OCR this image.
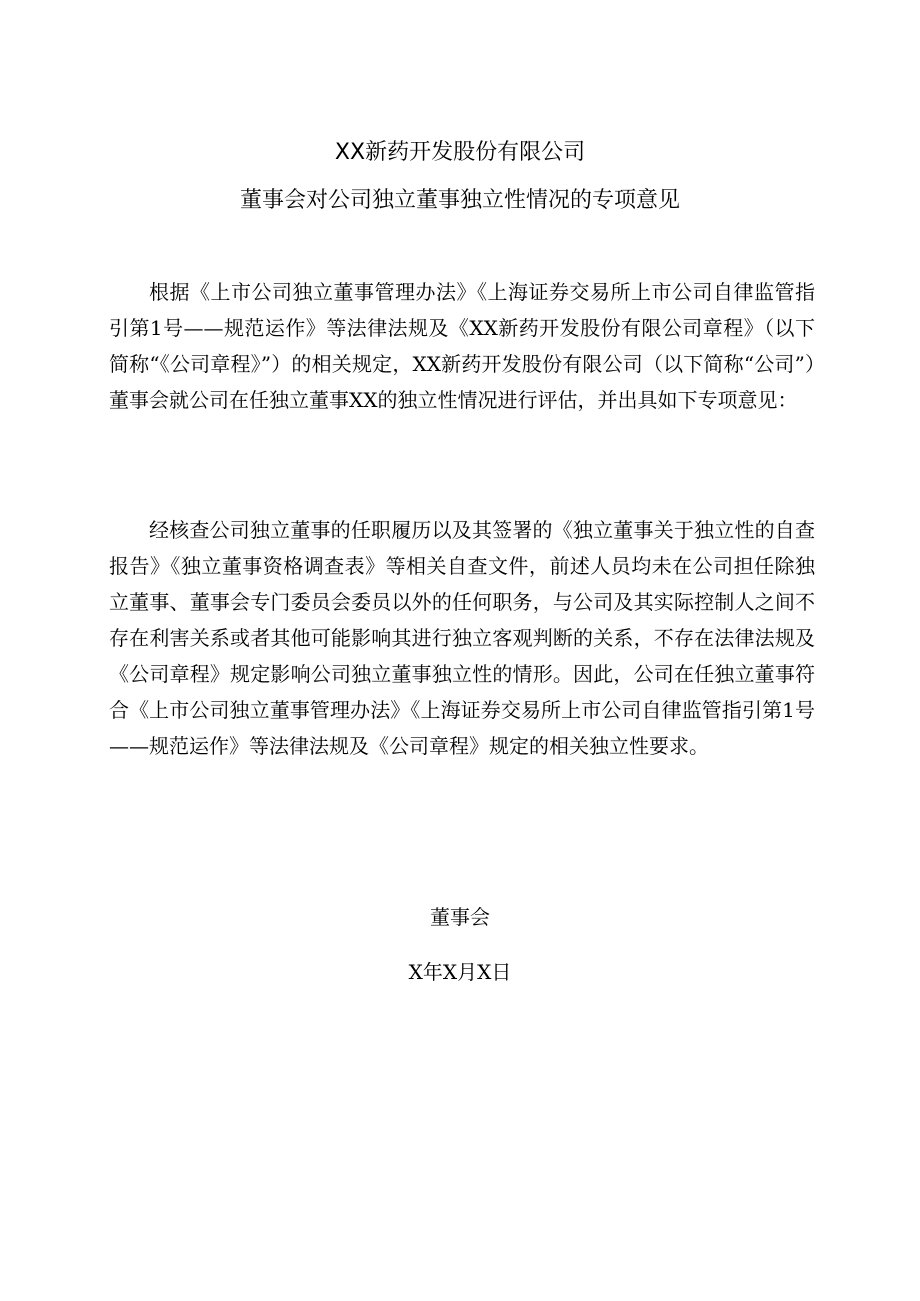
XX新药开发股份有限公司
董事会对公司独立董事独立性情况的专项意见

根据《上市公司独立董事管理办法》《上海证券交易所上市公司自律监管指引第1号——规范运作》等法律法规及《XX新药开发股份有限公司章程》（以下简称“《公司章程》”）的相关规定，XX新药开发股份有限公司（以下简称“公司”）董事会就公司在任独立董事XX的独立性情况进行评估，并出具如下专项意见：

经核查公司独立董事的任职履历以及其签署的《独立董事关于独立性的自查报告》《独立董事资格调查表》等相关自查文件，前述人员均未在公司担任除独立董事、董事会专门委员会委员以外的任何职务，与公司及其实际控制人之间不存在利害关系或者其他可能影响其进行独立客观判断的关系，不存在法律法规及《公司章程》规定影响公司独立董事独立性的情形。因此，公司在任独立董事符合《上市公司独立董事管理办法》《上海证券交易所上市公司自律监管指引第1号——规范运作》等法律法规及《公司章程》规定的相关独立性要求。

董事会
X年X月X日
